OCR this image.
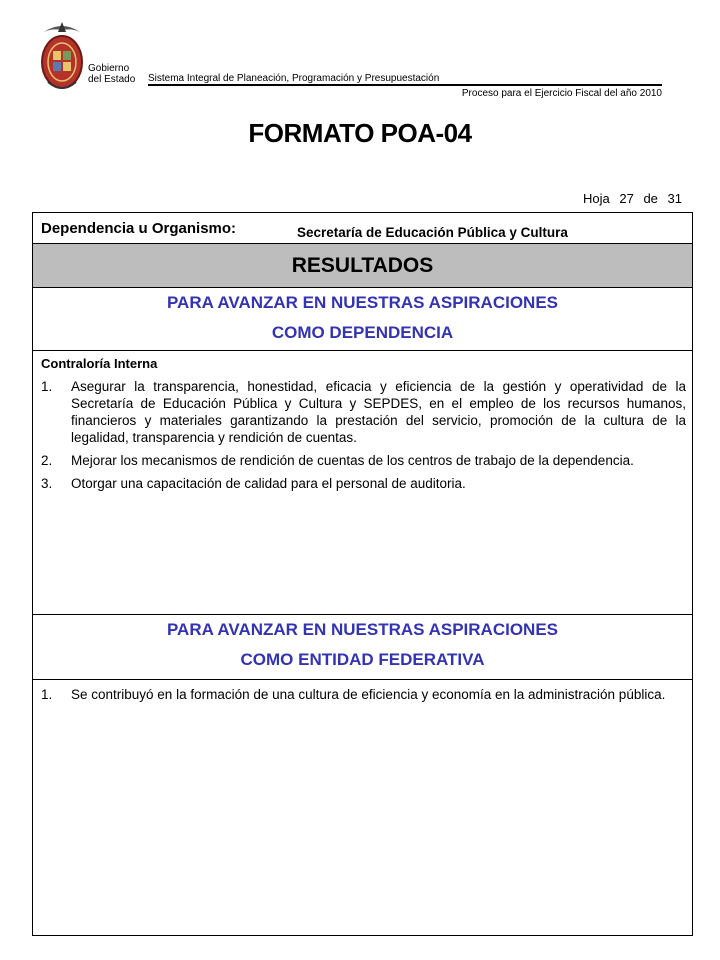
Gobierno
del Estado Sistema Integral de Planeación, Programación y Presupuestación
Proceso para el Ejercicio Fiscal del año 2010
FORMATO POA-04
Hoja 27 de 31
Dependencia u Organismo:	Secretaría de Educación Pública y Cultura
RESULTADOS
PARA AVANZAR EN NUESTRAS ASPIRACIONES
COMO DEPENDENCIA
Contraloría Interna
1.	Asegurar la transparencia, honestidad, eficacia y eficiencia de la gestión y operatividad de la Secretaría de Educación Pública y Cultura y SEPDES, en el empleo de los recursos humanos, financieros y materiales garantizando la prestación del servicio, promoción de la cultura de la legalidad, transparencia y rendición de cuentas.
2.	Mejorar los mecanismos de rendición de cuentas de los centros de trabajo de la dependencia.
3.	Otorgar una capacitación de calidad para el personal de auditoria.
PARA AVANZAR EN NUESTRAS ASPIRACIONES
COMO ENTIDAD FEDERATIVA
1.	Se contribuyó en la formación de una cultura de eficiencia y economía en la administración pública.
